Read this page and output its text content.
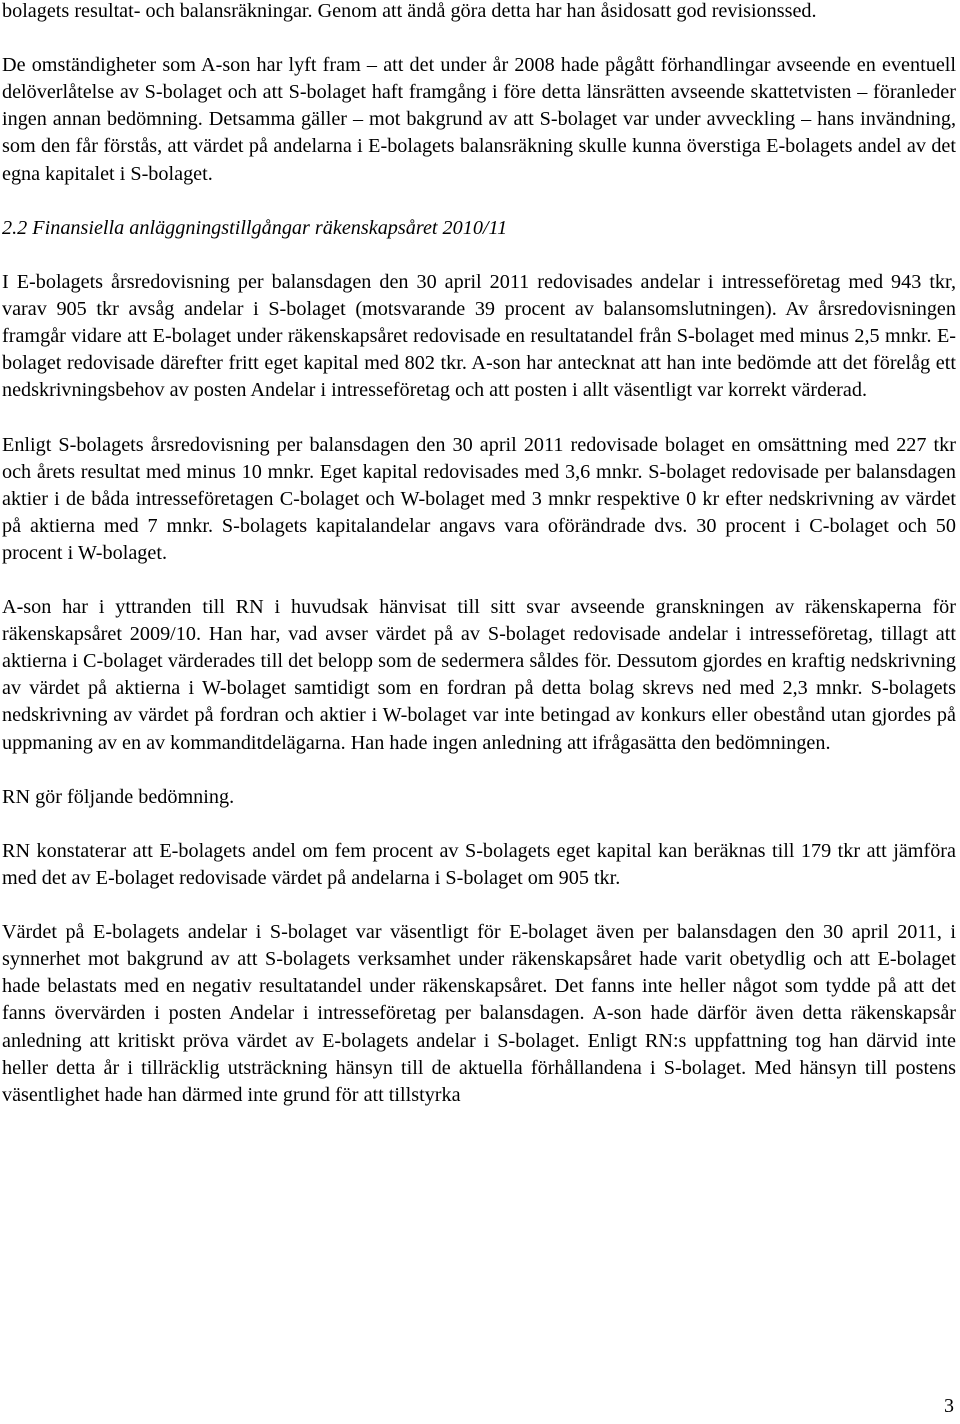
bolagets resultat- och balansräkningar. Genom att ändå göra detta har han åsidosatt god revisionssed.

De omständigheter som A-son har lyft fram – att det under år 2008 hade pågått förhandlingar avseende en eventuell delöverlåtelse av S-bolaget och att S-bolaget haft framgång i före detta länsrätten avseende skattetvisten – föranleder ingen annan bedömning. Detsamma gäller – mot bakgrund av att S-bolaget var under avveckling – hans invändning, som den får förstås, att värdet på andelarna i E-bolagets balansräkning skulle kunna överstiga E-bolagets andel av det egna kapitalet i S-bolaget.

2.2 Finansiella anläggningstillgångar räkenskapsåret 2010/11

I E-bolagets årsredovisning per balansdagen den 30 april 2011 redovisades andelar i intresseföretag med 943 tkr, varav 905 tkr avsåg andelar i S-bolaget (motsvarande 39 procent av balansomslutningen). Av årsredovisningen framgår vidare att E-bolaget under räkenskapsåret redovisade en resultatandel från S-bolaget med minus 2,5 mnkr. E-bolaget redovisade därefter fritt eget kapital med 802 tkr. A-son har antecknat att han inte bedömde att det förelåg ett nedskrivningsbehov av posten Andelar i intresseföretag och att posten i allt väsentligt var korrekt värderad.

Enligt S-bolagets årsredovisning per balansdagen den 30 april 2011 redovisade bolaget en omsättning med 227 tkr och årets resultat med minus 10 mnkr. Eget kapital redovisades med 3,6 mnkr. S-bolaget redovisade per balansdagen aktier i de båda intresseföretagen C-bolaget och W-bolaget med 3 mnkr respektive 0 kr efter nedskrivning av värdet på aktierna med 7 mnkr. S-bolagets kapitalandelar angavs vara oförändrade dvs. 30 procent i C-bolaget och 50 procent i W-bolaget.

A-son har i yttranden till RN i huvudsak hänvisat till sitt svar avseende granskningen av räkenskaperna för räkenskapsåret 2009/10. Han har, vad avser värdet på av S-bolaget redovisade andelar i intresseföretag, tillagt att aktierna i C-bolaget värderades till det belopp som de sedermera såldes för. Dessutom gjordes en kraftig nedskrivning av värdet på aktierna i W-bolaget samtidigt som en fordran på detta bolag skrevs ned med 2,3 mnkr. S-bolagets nedskrivning av värdet på fordran och aktier i W-bolaget var inte betingad av konkurs eller obestånd utan gjordes på uppmaning av en av kommanditdelägarna. Han hade ingen anledning att ifrågasätta den bedömningen.

RN gör följande bedömning.

RN konstaterar att E-bolagets andel om fem procent av S-bolagets eget kapital kan beräknas till 179 tkr att jämföra med det av E-bolaget redovisade värdet på andelarna i S-bolaget om 905 tkr.

Värdet på E-bolagets andelar i S-bolaget var väsentligt för E-bolaget även per balansdagen den 30 april 2011, i synnerhet mot bakgrund av att S-bolagets verksamhet under räkenskapsåret hade varit obetydlig och att E-bolaget hade belastats med en negativ resultatandel under räkenskapsåret. Det fanns inte heller något som tydde på att det fanns övervärden i posten Andelar i intresseföretag per balansdagen. A-son hade därför även detta räkenskapsår anledning att kritiskt pröva värdet av E-bolagets andelar i S-bolaget. Enligt RN:s uppfattning tog han därvid inte heller detta år i tillräcklig utsträckning hänsyn till de aktuella förhållandena i S-bolaget. Med hänsyn till postens väsentlighet hade han därmed inte grund för att tillstyrka

3
